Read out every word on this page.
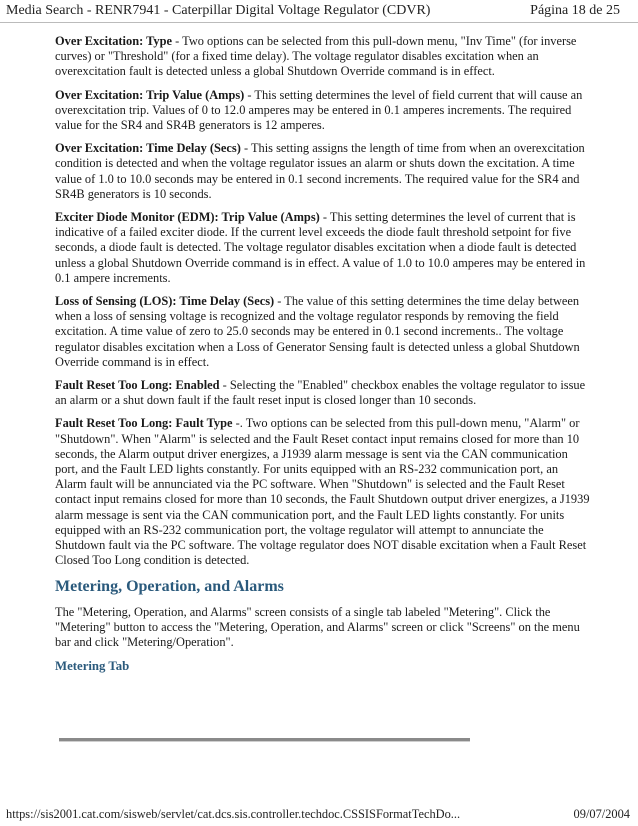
Media Search - RENR7941 - Caterpillar Digital Voltage Regulator (CDVR)	Página 18 de 25

Over Excitation: Type - Two options can be selected from this pull-down menu, "Inv Time" (for inverse curves) or "Threshold" (for a fixed time delay). The voltage regulator disables excitation when an overexcitation fault is detected unless a global Shutdown Override command is in effect.

Over Excitation: Trip Value (Amps) - This setting determines the level of field current that will cause an overexcitation trip. Values of 0 to 12.0 amperes may be entered in 0.1 amperes increments. The required value for the SR4 and SR4B generators is 12 amperes.

Over Excitation: Time Delay (Secs) - This setting assigns the length of time from when an overexcitation condition is detected and when the voltage regulator issues an alarm or shuts down the excitation. A time value of 1.0 to 10.0 seconds may be entered in 0.1 second increments. The required value for the SR4 and SR4B generators is 10 seconds.

Exciter Diode Monitor (EDM): Trip Value (Amps) - This setting determines the level of current that is indicative of a failed exciter diode. If the current level exceeds the diode fault threshold setpoint for five seconds, a diode fault is detected. The voltage regulator disables excitation when a diode fault is detected unless a global Shutdown Override command is in effect. A value of 1.0 to 10.0 amperes may be entered in 0.1 ampere increments.

Loss of Sensing (LOS): Time Delay (Secs) - The value of this setting determines the time delay between when a loss of sensing voltage is recognized and the voltage regulator responds by removing the field excitation. A time value of zero to 25.0 seconds may be entered in 0.1 second increments.. The voltage regulator disables excitation when a Loss of Generator Sensing fault is detected unless a global Shutdown Override command is in effect.

Fault Reset Too Long: Enabled - Selecting the "Enabled" checkbox enables the voltage regulator to issue an alarm or a shut down fault if the fault reset input is closed longer than 10 seconds.

Fault Reset Too Long: Fault Type -. Two options can be selected from this pull-down menu, "Alarm" or "Shutdown". When "Alarm" is selected and the Fault Reset contact input remains closed for more than 10 seconds, the Alarm output driver energizes, a J1939 alarm message is sent via the CAN communication port, and the Fault LED lights constantly. For units equipped with an RS-232 communication port, an Alarm fault will be annunciated via the PC software. When "Shutdown" is selected and the Fault Reset contact input remains closed for more than 10 seconds, the Fault Shutdown output driver energizes, a J1939 alarm message is sent via the CAN communication port, and the Fault LED lights constantly. For units equipped with an RS-232 communication port, the voltage regulator will attempt to annunciate the Shutdown fault via the PC software. The voltage regulator does NOT disable excitation when a Fault Reset Closed Too Long condition is detected.

Metering, Operation, and Alarms

The "Metering, Operation, and Alarms" screen consists of a single tab labeled "Metering". Click the "Metering" button to access the "Metering, Operation, and Alarms" screen or click "Screens" on the menu bar and click "Metering/Operation".

Metering Tab
https://sis2001.cat.com/sisweb/servlet/cat.dcs.sis.controller.techdoc.CSSISFormatTechDo...	09/07/2004
